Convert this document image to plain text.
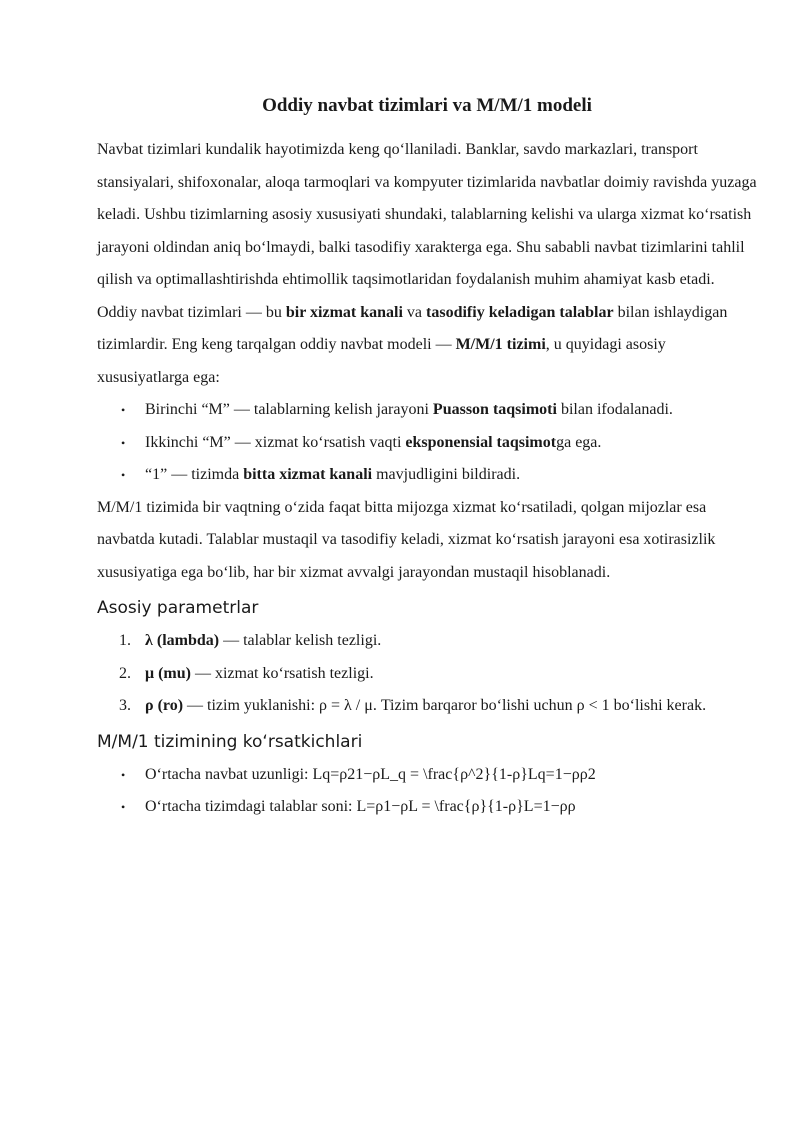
Oddiy navbat tizimlari va M/M/1 modeli

Navbat tizimlari kundalik hayotimizda keng qo‘llaniladi. Banklar, savdo markazlari, transport stansiyalari, shifoxonalar, aloqa tarmoqlari va kompyuter tizimlarida navbatlar doimiy ravishda yuzaga keladi. Ushbu tizimlarning asosiy xususiyati shundaki, talablarning kelishi va ularga xizmat ko‘rsatish jarayoni oldindan aniq bo‘lmaydi, balki tasodifiy xarakterga ega. Shu sababli navbat tizimlarini tahlil qilish va optimallashtirishda ehtimollik taqsimotlaridan foydalanish muhim ahamiyat kasb etadi.

Oddiy navbat tizimlari — bu bir xizmat kanali va tasodifiy keladigan talablar bilan ishlaydigan tizimlardir. Eng keng tarqalgan oddiy navbat modeli — M/M/1 tizimi, u quyidagi asosiy xususiyatlarga ega:

• Birinchi “M” — talablarning kelish jarayoni Puasson taqsimoti bilan ifodalanadi.
• Ikkinchi “M” — xizmat ko‘rsatish vaqti eksponensial taqsimotga ega.
• “1” — tizimda bitta xizmat kanali mavjudligini bildiradi.

M/M/1 tizimida bir vaqtning o‘zida faqat bitta mijozga xizmat ko‘rsatiladi, qolgan mijozlar esa navbatda kutadi. Talablar mustaqil va tasodifiy keladi, xizmat ko‘rsatish jarayoni esa xotirasizlik xususiyatiga ega bo‘lib, har bir xizmat avvalgi jarayondan mustaqil hisoblanadi.

Asosiy parametrlar
1. λ (lambda) — talablar kelish tezligi.
2. μ (mu) — xizmat ko‘rsatish tezligi.
3. ρ (ro) — tizim yuklanishi: ρ = λ / μ. Tizim barqaror bo‘lishi uchun ρ < 1 bo‘lishi kerak.
M/M/1 tizimining ko‘rsatkichlari
• O‘rtacha navbat uzunligi: Lq=ρ21−ρL_q = \frac{ρ^2}{1-ρ}Lq=1−ρρ2
• O‘rtacha tizimdagi talablar soni: L=ρ1−ρL = \frac{ρ}{1-ρ}L=1−ρρ
